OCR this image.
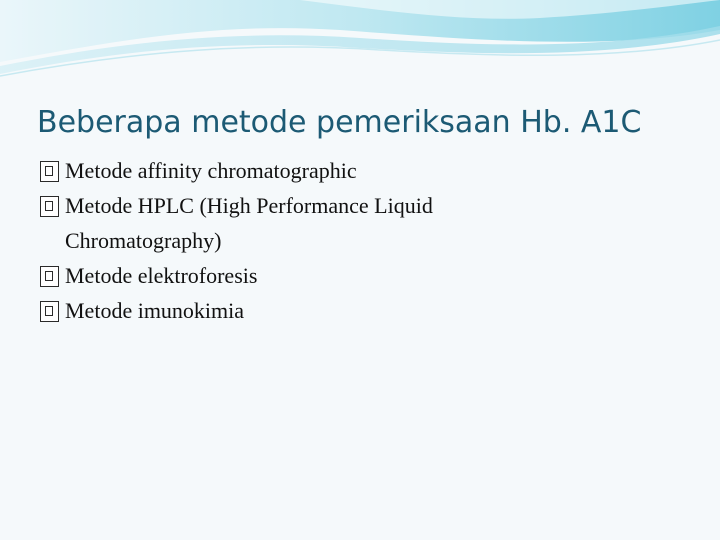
Beberapa metode pemeriksaan Hb. A1C
Metode affinity chromatographic
Metode HPLC (High Performance Liquid Chromatography)
Metode elektroforesis
Metode imunokimia
